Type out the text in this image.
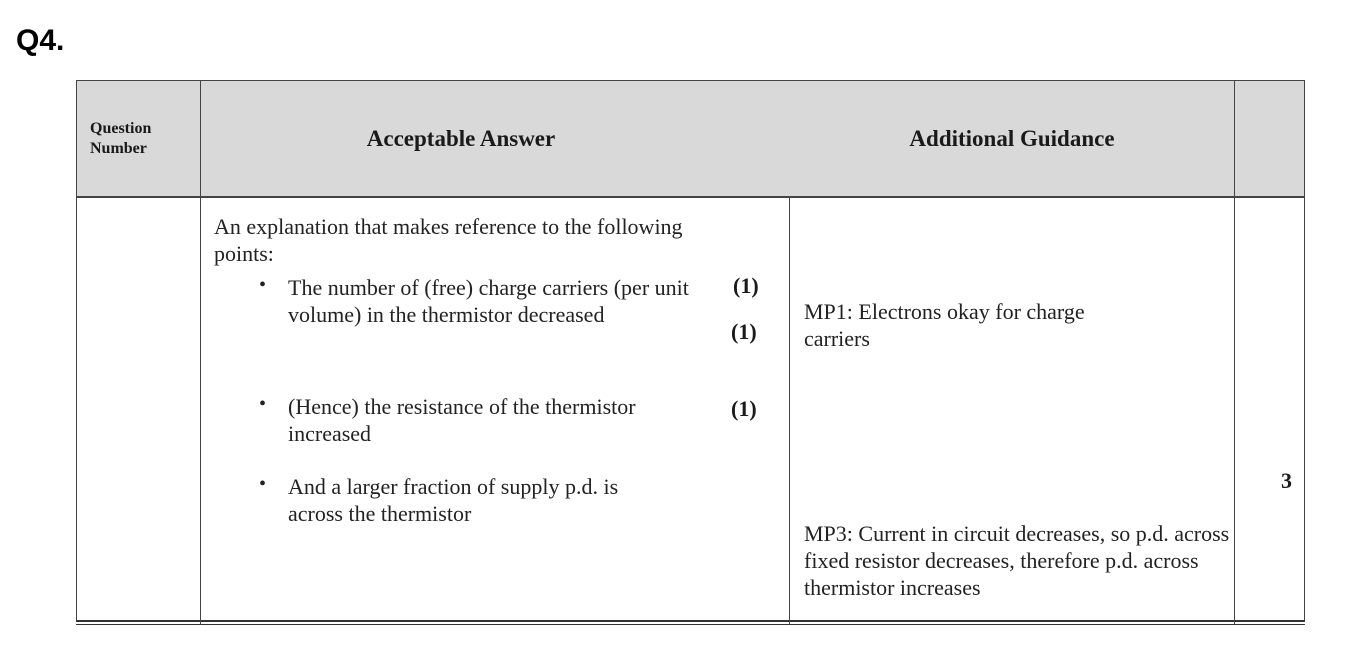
Q4.
Question Number	Acceptable Answer	Additional Guidance

An explanation that makes reference to the following points:

• The number of (free) charge carriers (per unit volume) in the thermistor decreased

(1)
(1)
• (Hence) the resistance of the thermistor increased

(1)
• And a larger fraction of supply p.d. is across the thermistor

MP1: Electrons okay for charge carriers

MP3: Current in circuit decreases, so p.d. across fixed resistor decreases, therefore p.d. across thermistor increases

3
